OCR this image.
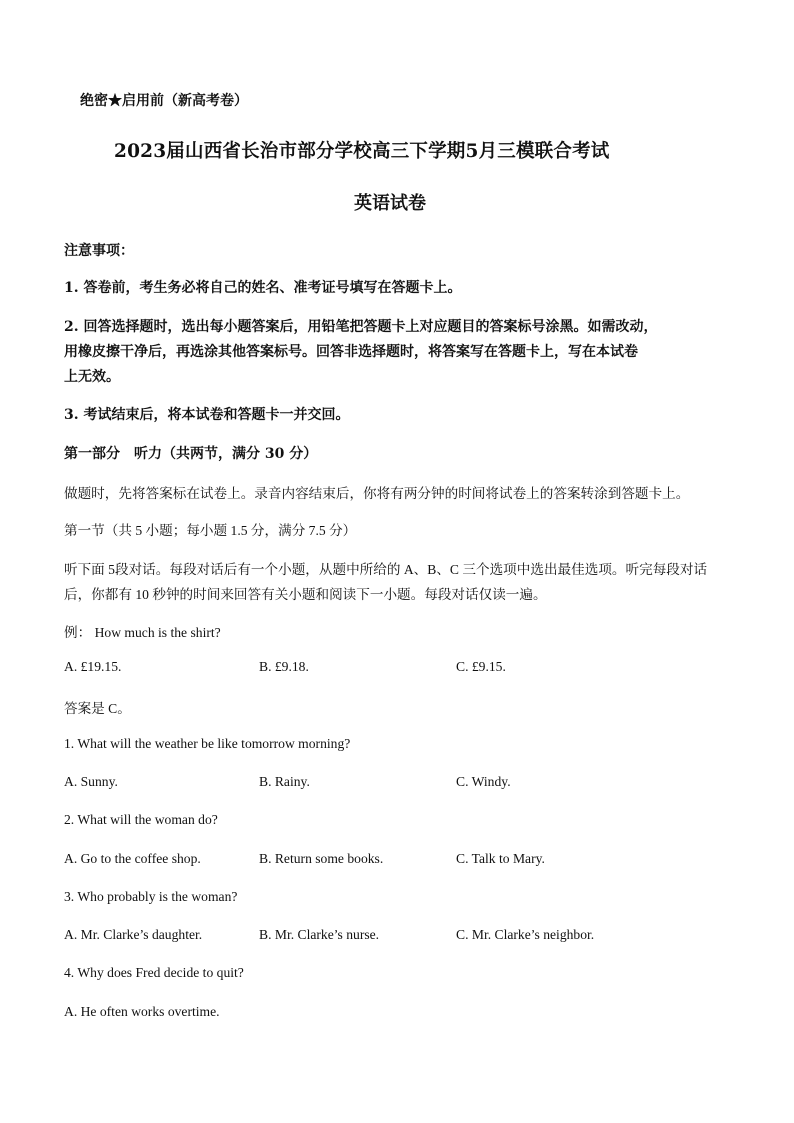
绝密★启用前（新高考卷）
2023届山西省长治市部分学校高三下学期5月三模联合考试
英语试卷
注意事项：
1. 答卷前，考生务必将自己的姓名、准考证号填写在答题卡上。
2. 回答选择题时，选出每小题答案后，用铅笔把答题卡上对应题目的答案标号涂黑。如需改动，
用橡皮擦干净后，再选涂其他答案标号。回答非选择题时，将答案写在答题卡上，写在本试卷
上无效。
3. 考试结束后，将本试卷和答题卡一并交回。
第一部分　听力（共两节，满分 30 分）
做题时，先将答案标在试卷上。录音内容结束后，你将有两分钟的时间将试卷上的答案转涂到答题卡上。
第一节（共 5 小题；每小题 1.5 分，满分 7.5 分）
听下面 5段对话。每段对话后有一个小题，从题中所给的 A、B、C 三个选项中选出最佳选项。听完每段对话
后，你都有 10 秒钟的时间来回答有关小题和阅读下一小题。每段对话仅读一遍。
例： How much is the shirt?
A. £19.15.	B. £9.18.	C. £9.15.
答案是 C。
1. What will the weather be like tomorrow morning?
A. Sunny.	B. Rainy.	C. Windy.
2. What will the woman do?
A. Go to the coffee shop.	B. Return some books.	C. Talk to Mary.
3. Who probably is the woman?
A. Mr. Clarke’s daughter.	B. Mr. Clarke’s nurse.	C. Mr. Clarke’s neighbor.
4. Why does Fred decide to quit?
A. He often works overtime.
